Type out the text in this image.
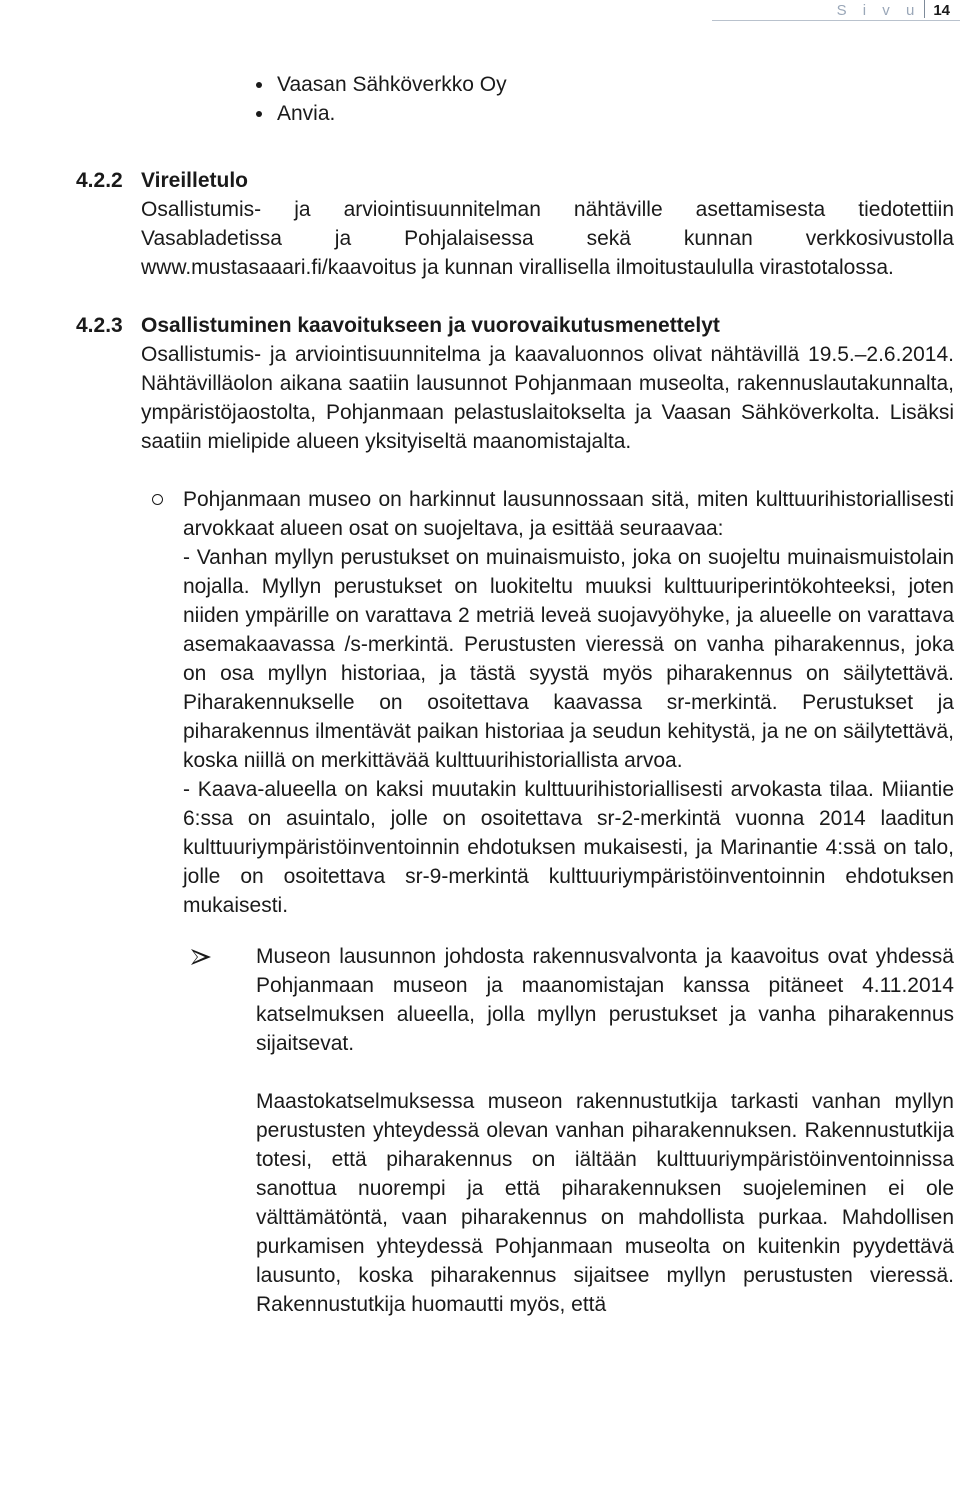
S i v u 14
Vaasan Sähköverkko Oy
Anvia.
4.2.2 Vireilletulo

Osallistumis- ja arviointisuunnitelman nähtäville asettamisesta tiedotettiin Vasabladetissa ja Pohjalaisessa sekä kunnan verkkosivustolla www.mustasaaari.fi/kaavoitus ja kunnan virallisella ilmoitustaululla virastotalossa.

4.2.3 Osallistuminen kaavoitukseen ja vuorovaikutusmenettelyt

Osallistumis- ja arviointisuunnitelma ja kaavaluonnos olivat nähtävillä 19.5.–2.6.2014. Nähtävilläolon aikana saatiin lausunnot Pohjanmaan museolta, rakennuslautakunnalta, ympäristöjaostolta, Pohjanmaan pelastuslaitokselta ja Vaasan Sähköverkolta. Lisäksi saatiin mielipide alueen yksityiseltä maanomistajalta.

Pohjanmaan museo on harkinnut lausunnossaan sitä, miten kulttuurihistoriallisesti arvokkaat alueen osat on suojeltava, ja esittää seuraavaa:

- Vanhan myllyn perustukset on muinaismuisto, joka on suojeltu muinaismuistolain nojalla. Myllyn perustukset on luokiteltu muuksi kulttuuriperintökohteeksi, joten niiden ympärille on varattava 2 metriä leveä suojavyöhyke, ja alueelle on varattava asemakaavassa /s-merkintä. Perustusten vieressä on vanha piharakennus, joka on osa myllyn historiaa, ja tästä syystä myös piharakennus on säilytettävä. Piharakennukselle on osoitettava kaavassa sr-merkintä. Perustukset ja piharakennus ilmentävät paikan historiaa ja seudun kehitystä, ja ne on säilytettävä, koska niillä on merkittävää kulttuurihistoriallista arvoa.

- Kaava-alueella on kaksi muutakin kulttuurihistoriallisesti arvokasta tilaa. Miiantie 6:ssa on asuintalo, jolle on osoitettava sr-2-merkintä vuonna 2014 laaditun kulttuuriympäristöinventoinnin ehdotuksen mukaisesti, ja Marinantie 4:ssä on talo, jolle on osoitettava sr-9-merkintä kulttuuriympäristöinventoinnin ehdotuksen mukaisesti.

Museon lausunnon johdosta rakennusvalvonta ja kaavoitus ovat yhdessä Pohjanmaan museon ja maanomistajan kanssa pitäneet 4.11.2014 katselmuksen alueella, jolla myllyn perustukset ja vanha piharakennus sijaitsevat.

Maastokatselmuksessa museon rakennustutkija tarkasti vanhan myllyn perustusten yhteydessä olevan vanhan piharakennuksen. Rakennustutkija totesi, että piharakennus on iältään kulttuuriympäristöinventoinnissa sanottua nuorempi ja että piharakennuksen suojeleminen ei ole välttämätöntä, vaan piharakennus on mahdollista purkaa. Mahdollisen purkamisen yhteydessä Pohjanmaan museolta on kuitenkin pyydettävä lausunto, koska piharakennus sijaitsee myllyn perustusten vieressä. Rakennustutkija huomautti myös, että
